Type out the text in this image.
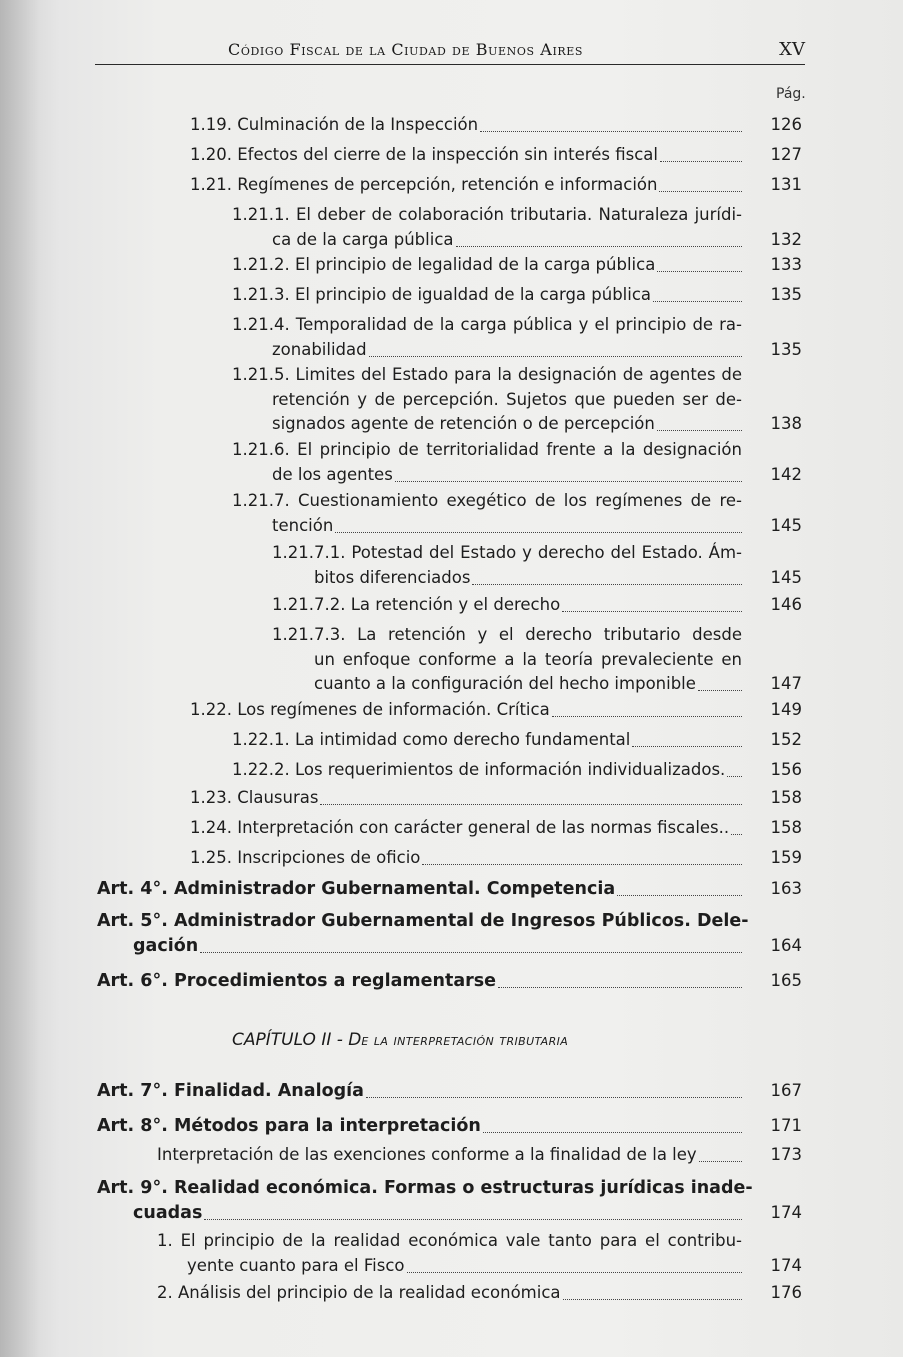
Código Fiscal de la Ciudad de Buenos Aires	XV
Pág.
1.19. Culminación de la Inspección	126
1.20. Efectos del cierre de la inspección sin interés fiscal	127
1.21. Regímenes de percepción, retención e información	131
1.21.1. El deber de colaboración tributaria. Naturaleza jurídi-
ca de la carga pública	132
1.21.2. El principio de legalidad de la carga pública	133
1.21.3. El principio de igualdad de la carga pública	135
1.21.4. Temporalidad de la carga pública y el principio de ra-
zonabilidad	135
1.21.5. Limites del Estado para la designación de agentes de
retención y de percepción. Sujetos que pueden ser de-
signados agente de retención o de percepción	138
1.21.6. El principio de territorialidad frente a la designación
de los agentes	142
1.21.7. Cuestionamiento exegético de los regímenes de re-
tención	145
1.21.7.1. Potestad del Estado y derecho del Estado. Ám-
bitos diferenciados	145
1.21.7.2. La retención y el derecho	146
1.21.7.3. La retención y el derecho tributario desde
un enfoque conforme a la teoría prevaleciente en
cuanto a la configuración del hecho imponible	147
1.22. Los regímenes de información. Crítica	149
1.22.1. La intimidad como derecho fundamental	152
1.22.2. Los requerimientos de información individualizados.	156
1.23. Clausuras	158
1.24. Interpretación con carácter general de las normas fiscales..	158
1.25. Inscripciones de oficio	159
Art. 4°. Administrador Gubernamental. Competencia	163
Art. 5°. Administrador Gubernamental de Ingresos Públicos. Dele-
gación	164
Art. 6°. Procedimientos a reglamentarse	165
Art. 7°. Finalidad. Analogía	167
Art. 8°. Métodos para la interpretación	171
Interpretación de las exenciones conforme a la finalidad de la ley	173
Art. 9°. Realidad económica. Formas o estructuras jurídicas inade-
cuadas	174
1. El principio de la realidad económica vale tanto para el contribu-
yente cuanto para el Fisco	174
2. Análisis del principio de la realidad económica	176
CAPÍTULO II - De la interpretación tributaria
